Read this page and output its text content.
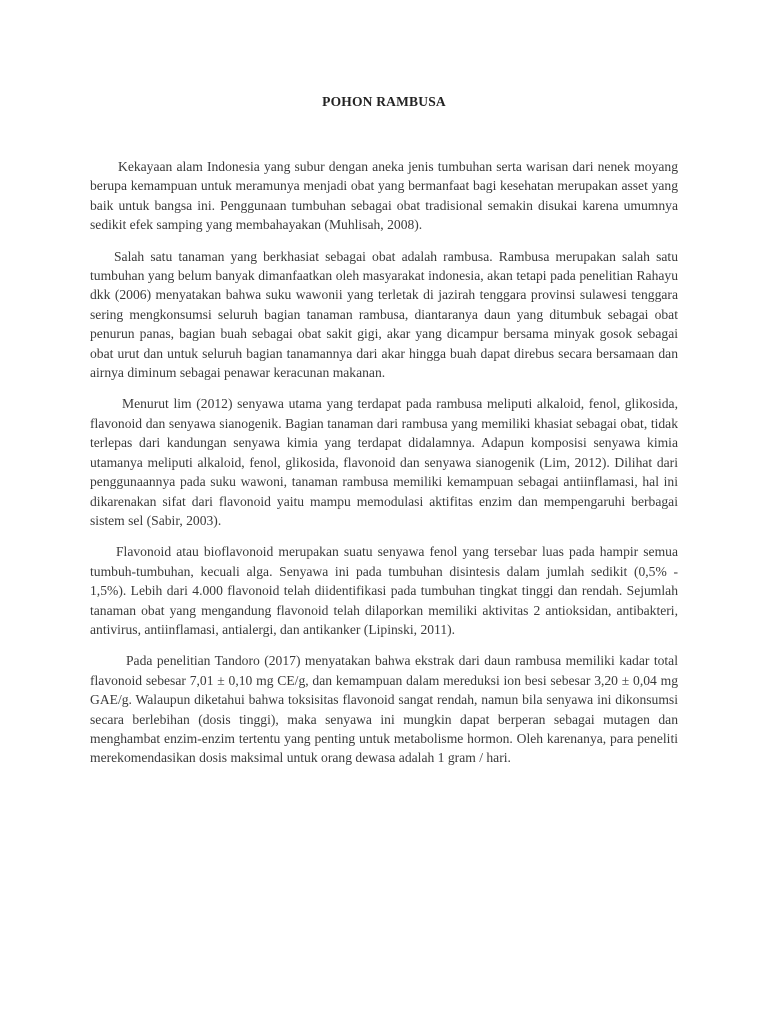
POHON RAMBUSA

Kekayaan alam Indonesia yang subur dengan aneka jenis tumbuhan serta warisan dari nenek moyang berupa kemampuan untuk meramunya menjadi obat yang bermanfaat bagi kesehatan merupakan asset yang baik untuk bangsa ini. Penggunaan tumbuhan sebagai obat tradisional semakin disukai karena umumnya sedikit efek samping yang membahayakan (Muhlisah, 2008).

Salah satu tanaman yang berkhasiat sebagai obat adalah rambusa. Rambusa merupakan salah satu tumbuhan yang belum banyak dimanfaatkan oleh masyarakat indonesia, akan tetapi pada penelitian Rahayu dkk (2006) menyatakan bahwa suku wawonii yang terletak di jazirah tenggara provinsi sulawesi tenggara sering mengkonsumsi seluruh bagian tanaman rambusa, diantaranya daun yang ditumbuk sebagai obat penurun panas, bagian buah sebagai obat sakit gigi, akar yang dicampur bersama minyak gosok sebagai obat urut dan untuk seluruh bagian tanamannya dari akar hingga buah dapat direbus secara bersamaan dan airnya diminum sebagai penawar keracunan makanan.

Menurut lim (2012) senyawa utama yang terdapat pada rambusa meliputi alkaloid, fenol, glikosida, flavonoid dan senyawa sianogenik. Bagian tanaman dari rambusa yang memiliki khasiat sebagai obat, tidak terlepas dari kandungan senyawa kimia yang terdapat didalamnya. Adapun komposisi senyawa kimia utamanya meliputi alkaloid, fenol, glikosida, flavonoid dan senyawa sianogenik (Lim, 2012). Dilihat dari penggunaannya pada suku wawoni, tanaman rambusa memiliki kemampuan sebagai antiinflamasi, hal ini dikarenakan sifat dari flavonoid yaitu mampu memodulasi aktifitas enzim dan mempengaruhi berbagai sistem sel (Sabir, 2003).

Flavonoid atau bioflavonoid merupakan suatu senyawa fenol yang tersebar luas pada hampir semua tumbuh-tumbuhan, kecuali alga. Senyawa ini pada tumbuhan disintesis dalam jumlah sedikit (0,5% - 1,5%). Lebih dari 4.000 flavonoid telah diidentifikasi pada tumbuhan tingkat tinggi dan rendah. Sejumlah tanaman obat yang mengandung flavonoid telah dilaporkan memiliki aktivitas 2 antioksidan, antibakteri, antivirus, antiinflamasi, antialergi, dan antikanker (Lipinski, 2011).

Pada penelitian Tandoro (2017) menyatakan bahwa ekstrak dari daun rambusa memiliki kadar total flavonoid sebesar 7,01 ± 0,10 mg CE/g, dan kemampuan dalam mereduksi ion besi sebesar 3,20 ± 0,04 mg GAE/g. Walaupun diketahui bahwa toksisitas flavonoid sangat rendah, namun bila senyawa ini dikonsumsi secara berlebihan (dosis tinggi), maka senyawa ini mungkin dapat berperan sebagai mutagen dan menghambat enzim-enzim tertentu yang penting untuk metabolisme hormon. Oleh karenanya, para peneliti merekomendasikan dosis maksimal untuk orang dewasa adalah 1 gram / hari.
